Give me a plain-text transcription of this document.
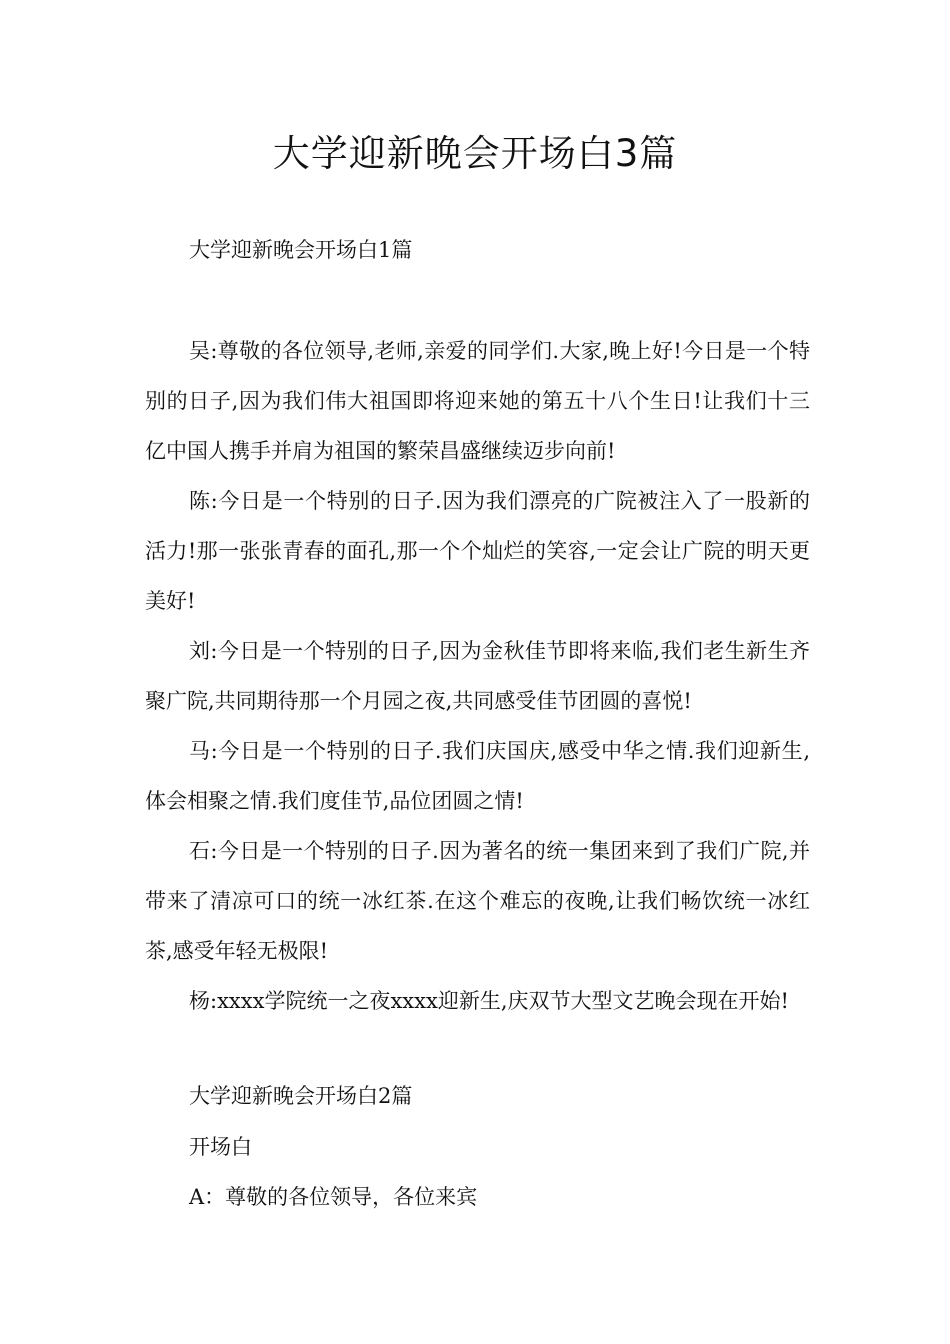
大学迎新晚会开场白3篇

大学迎新晚会开场白1篇

吴:尊敬的各位领导,老师,亲爱的同学们.大家,晚上好!今日是一个特别的日子,因为我们伟大祖国即将迎来她的第五十八个生日!让我们十三亿中国人携手并肩为祖国的繁荣昌盛继续迈步向前!

陈:今日是一个特别的日子.因为我们漂亮的广院被注入了一股新的活力!那一张张青春的面孔,那一个个灿烂的笑容,一定会让广院的明天更美好!

刘:今日是一个特别的日子,因为金秋佳节即将来临,我们老生新生齐聚广院,共同期待那一个月园之夜,共同感受佳节团圆的喜悦!

马:今日是一个特别的日子.我们庆国庆,感受中华之情.我们迎新生,体会相聚之情.我们度佳节,品位团圆之情!

石:今日是一个特别的日子.因为著名的统一集团来到了我们广院,并带来了清凉可口的统一冰红茶.在这个难忘的夜晚,让我们畅饮统一冰红茶,感受年轻无极限!

杨:xxxx学院统一之夜xxxx迎新生,庆双节大型文艺晚会现在开始!

大学迎新晚会开场白2篇

开场白

A：尊敬的各位领导，各位来宾
